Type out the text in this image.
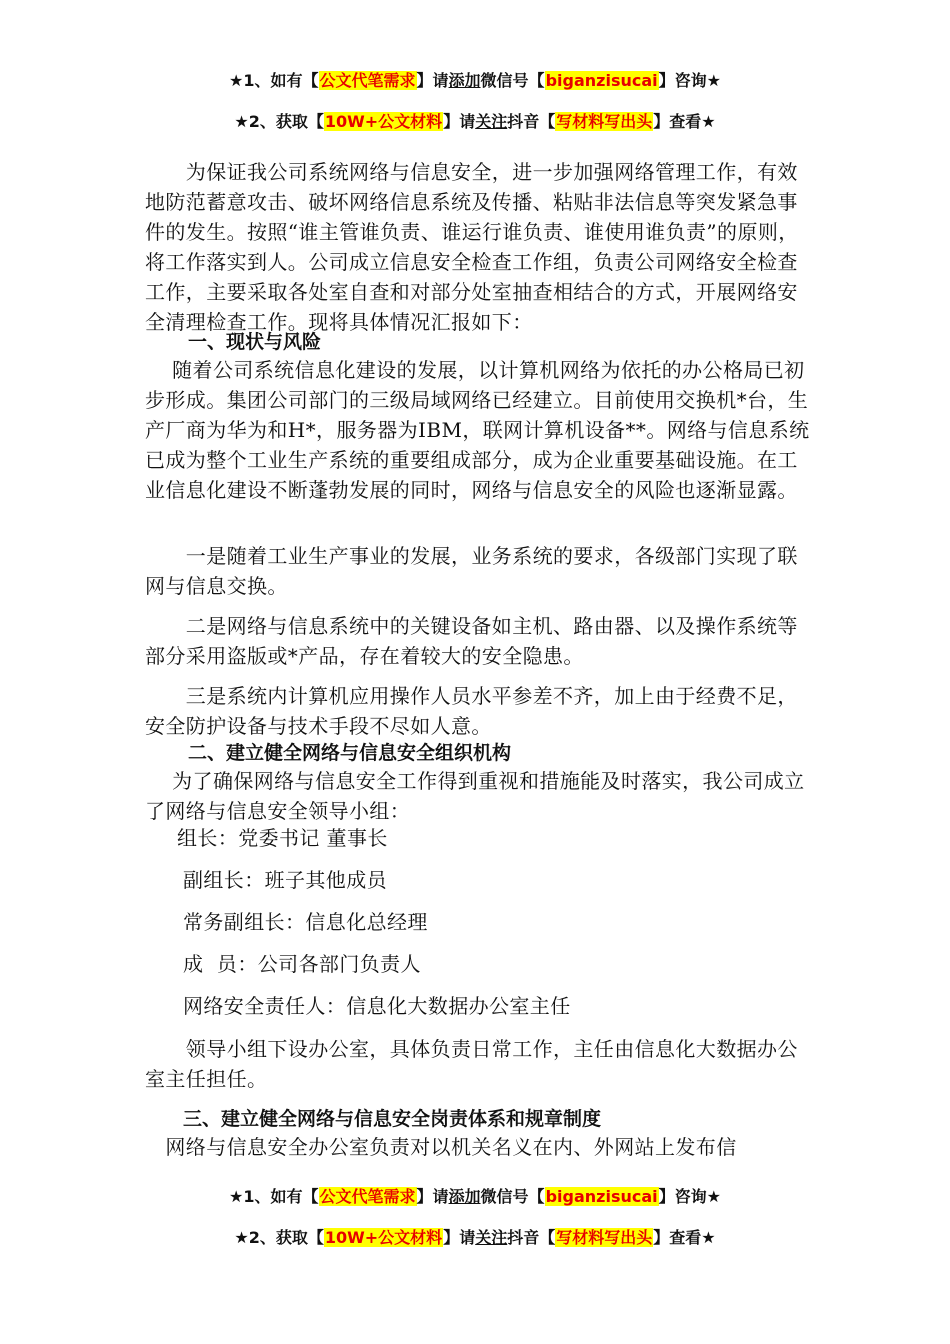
★1、如有【公文代笔需求】请添加微信号【biganzisucai】咨询★
★2、获取【10W+公文材料】请关注抖音【写材料写出头】查看★

　　为保证我公司系统网络与信息安全，进一步加强网络管理工作，有效地防范蓄意攻击、破坏网络信息系统及传播、粘贴非法信息等突发紧急事件的发生。按照“谁主管谁负责、谁运行谁负责、谁使用谁负责”的原则，将工作落实到人。公司成立信息安全检查工作组，负责公司网络安全检查工作，主要采取各处室自查和对部分处室抽查相结合的方式，开展网络安全清理检查工作。现将具体情况汇报如下：

一、现状与风险

　 随着公司系统信息化建设的发展，以计算机网络为依托的办公格局已初步形成。集团公司部门的三级局域网络已经建立。目前使用交换机*台，生产厂商为华为和H*，服务器为IBM，联网计算机设备**。网络与信息系统已成为整个工业生产系统的重要组成部分，成为企业重要基础设施。在工业信息化建设不断蓬勃发展的同时，网络与信息安全的风险也逐渐显露。

　　一是随着工业生产事业的发展，业务系统的要求，各级部门实现了联网与信息交换。

　　二是网络与信息系统中的关键设备如主机、路由器、以及操作系统等部分采用盗版或*产品，存在着较大的安全隐患。

　　三是系统内计算机应用操作人员水平参差不齐，加上由于经费不足，安全防护设备与技术手段不尽如人意。

二、建立健全网络与信息安全组织机构

　 为了确保网络与信息安全工作得到重视和措施能及时落实，我公司成立了网络与信息安全领导小组：

组长：党委书记 董事长
副组长：班子其他成员
常务副组长：信息化总经理
成  员：公司各部门负责人
网络安全责任人：信息化大数据办公室主任

　　领导小组下设办公室，具体负责日常工作，主任由信息化大数据办公室主任担任。

三、建立健全网络与信息安全岗责体系和规章制度

　网络与信息安全办公室负责对以机关名义在内、外网站上发布信

★1、如有【公文代笔需求】请添加微信号【biganzisucai】咨询★
★2、获取【10W+公文材料】请关注抖音【写材料写出头】查看★
